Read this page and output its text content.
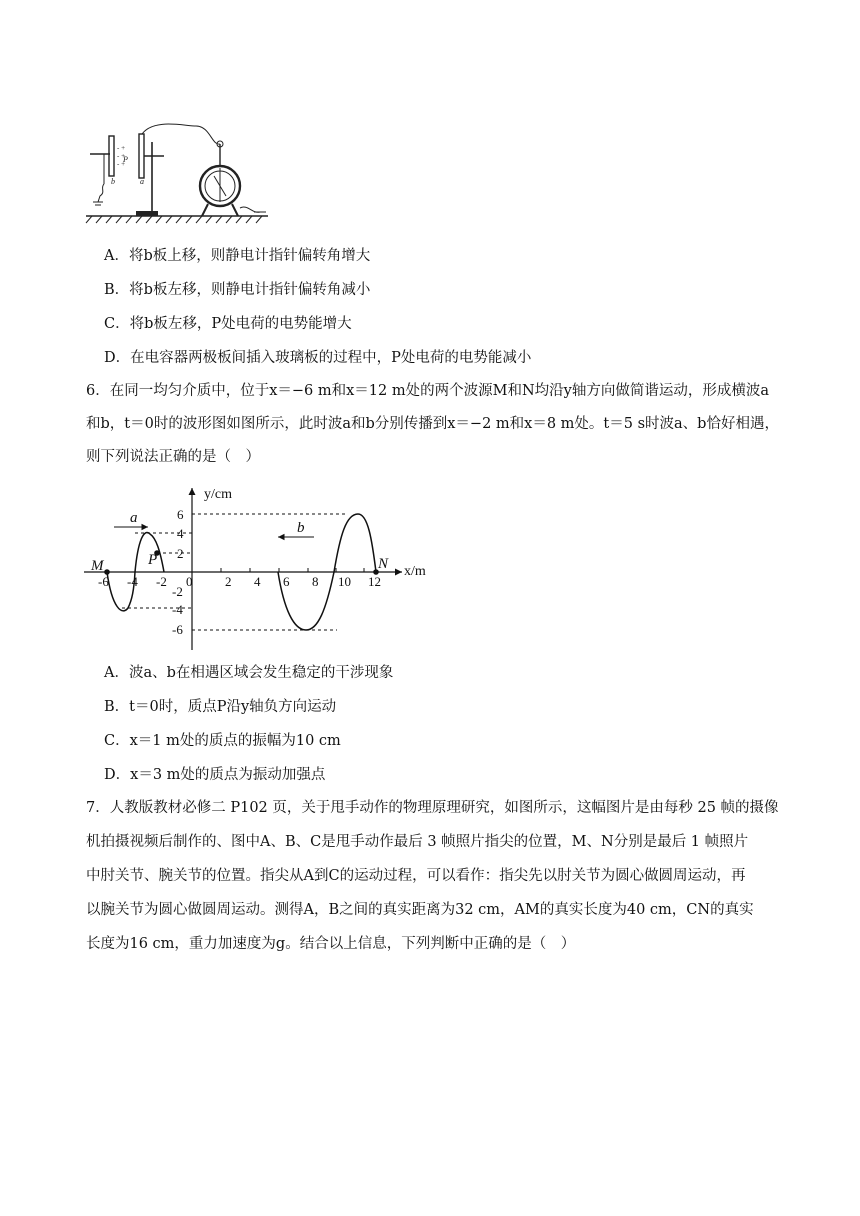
b
- +
- +
- +
P
a
A．将b板上移，则静电计指针偏转角增大
B．将b板左移，则静电计指针偏转角减小
C．将b板左移，P处电荷的电势能增大
D．在电容器两极板间插入玻璃板的过程中，P处电荷的电势能减小
6．在同一均匀介质中，位于x＝−6 m和x＝12 m处的两个波源M和N均沿y轴方向做简谐运动，形成横波a
和b，t＝0时的波形图如图所示，此时波a和b分别传播到x＝−2 m和x＝8 m处。t＝5 s时波a、b恰好相遇，
则下列说法正确的是（　）
y/cm
x/m
M	N
P
a
b
-6 -4 -2 0	2 4 6 8 10 12
6
4
2
-2
-4
-6
A．波a、b在相遇区域会发生稳定的干涉现象
B．t＝0时，质点P沿y轴负方向运动
C．x＝1 m处的质点的振幅为10 cm
D．x＝3 m处的质点为振动加强点
7．人教版教材必修二 P102 页，关于甩手动作的物理原理研究，如图所示，这幅图片是由每秒 25 帧的摄像
机拍摄视频后制作的、图中A、B、C是甩手动作最后 3 帧照片指尖的位置，M、N分别是最后 1 帧照片
中肘关节、腕关节的位置。指尖从A到C的运动过程，可以看作：指尖先以肘关节为圆心做圆周运动，再
以腕关节为圆心做圆周运动。测得A，B之间的真实距离为32 cm，AM的真实长度为40 cm，CN的真实
长度为16 cm，重力加速度为g。结合以上信息，下列判断中正确的是（　）
